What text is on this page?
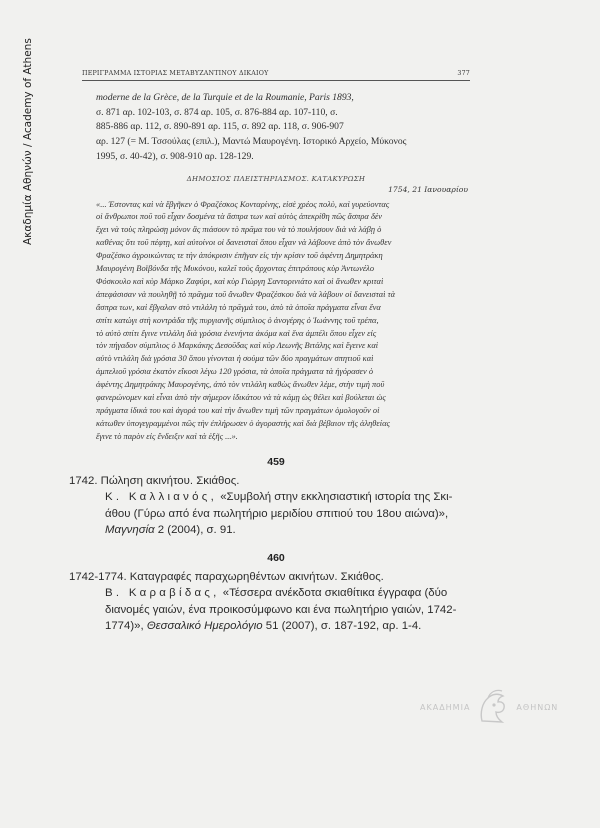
Ακαδημία Αθηνών / Academy of Athens	ΠΕΡΙΓΡΑΜΜΑ ΙΣΤΟΡΙΑΣ ΜΕΤΑΒΥΖΑΝΤΙΝΟΥ ΔΙΚΑΙΟΥ	377
moderne de la Grèce, de la Turquie et de la Roumanie, Paris 1893,
σ. 871 αρ. 102-103, σ. 874 αρ. 105, σ. 876-884 αρ. 107-110, σ.
885-886 αρ. 112, σ. 890-891 αρ. 115, σ. 892 αρ. 118, σ. 906-907
αρ. 127 (= Μ. Τσσούλας (επιλ.), Μαντώ Μαυρογένη. Ιστορικό Αρχείο, Μύκονος
1995, σ. 40-42), σ. 908-910 αρ. 128-129.
ΔΗΜΟΣΙΟΣ ΠΛΕΙΣΤΗΡΙΑΣΜΟΣ. ΚΑΤΑΚΥΡΩΣΗ
1754, 21 Ιανουαρίου
«... Έστοντας καὶ νὰ ἔβγῆκεν ὁ Φραζέσκος Κονταρίνης, εἰσὲ χρέος πολὺ, καὶ γυρεύοντας
οἱ ἄνθρωποι ποῦ τοῦ εἶχαν δοσμένα τὰ ἄσπρα των καὶ αὐτὸς ἀπεκρίθη πῶς ἄσπρα δὲν
ἔχει νὰ τοὺς πληρώσῃ μόνον ἂς πιάσουν τὸ πρᾶμα του νὰ τὸ πουλήσουν διὰ νὰ λάβῃ ὁ
καθένας ὅτι τοῦ πέφτῃ, καὶ αὐτοίνοι οἱ δανεισταὶ ὅπου εἶχαν νὰ λάβουνε ἀπὸ τὸν ἄνωθεν
Φραζέσκο ἀγροικώντας τε τὴν ἀπόκρισιν ἐπῆγαν εἰς τὴν κρίσιν τοῦ ἀφέντη Δημητράκη
Μαυρογένη Βοϊβόνδα τῆς Μυκόνου, καλεῖ τοὺς ἄρχοντας ἐπιτρόπους κὺρ Ἀντωνέλο
Φόσκουλο καὶ κὺρ Μάρκο Ζαφύρι, καὶ κὺρ Γιώργη Σαντορινιάτο καὶ οἱ ἄνωθεν κριταὶ
ἀπεφάσισαν νὰ πουληθῇ τὸ πρᾶγμα τοῦ ἄνωθεν Φραζέσκου διὰ νὰ λάβουν οἱ δανεισταὶ τὰ
ἄσπρα των, καὶ ἔβγαλαν στὸ ντιλάλη τὸ πρᾶγμά του, ἀπὸ τὰ ὁποῖα πράγματα εἶναι ἕνα
σπίτι κατώγι στὴ κοντράδα τῆς πυργιανῆς σύμπλιος ὁ ἀνογέρης ὁ Ἰωάννης τοῦ τρέπα,
τὸ αὐτὸ σπίτι ἔγινε ντιλάλη διὰ γρόσια ἐνενήντα ἀκόμα καὶ ἕνα ἀμπέλι ὅπου εἶχεν εἰς
τὸν πήγαδον σύμπλιος ὁ Μαρκάκης Δεσοῦδας καὶ κὺρ Λεωνῆς Βιτάλης καὶ ἔγεινε καὶ
αὐτὸ ντιλάλη διὰ γρόσια 30 ὅπου γίνονται ἡ σούμα τῶν δύο πραγμάτων σπητιοῦ καὶ
ἀμπελιοῦ γρόσια ἑκατὸν εἴκοσι λέγω 120 γρόσια, τὰ ὁποῖα πράγματα τὰ ἠγόρασεν ὁ
ἀφέντης Δημητράκης Μαυρογένης, ἀπὸ τὸν ντιλάλη καθὼς ἄνωθεν λέμε, στὴν τιμὴ ποῦ
φανερώνομεν καὶ εἶναι ἀπὸ τὴν σήμερον ἰδικάτου νὰ τὰ κάμῃ ὡς θέλει καὶ βούλεται ὡς
πράγματα ἰδικά του καὶ ἀγορά του καὶ τὴν ἄνωθεν τιμὴ τῶν πραγμάτων ὁμολογοῦν οἱ
κάτωθεν ὑπογεγραμμένοι πῶς τὴν ἐπλήρωσεν ὁ ἀγοραστὴς καὶ διὰ βέβαιον τῆς ἀληθείας
ἔγινε τὸ παρὸν εἰς ἔνδειξιν καὶ τὰ ἑξῆς ...».
459
1742. Πώληση ακινήτου. Σκιάθος.
Κ. Καλλιανός, «Συμβολή στην εκκλησιαστική ιστορία της Σκι-
άθου (Γύρω από ένα πωλητήριο μεριδίου σπιτιού του 18ου αιώνα)»,
Μαγνησία 2 (2004), σ. 91.
460
1742-1774. Καταγραφές παραχωρηθέντων ακινήτων. Σκιάθος.
Β. Καραβίδας, «Τέσσερα ανέκδοτα σκιαθίτικα έγγραφα (δύο
διανομές γαιών, ένα προικοσύμφωνο και ένα πωλητήριο γαιών, 1742-
1774)», Θεσσαλικό Ημερολόγιο 51 (2007), σ. 187-192, αρ. 1-4.
ΑΚΑΔΗΜΙΑ	ΑΘΗΝΩΝ
